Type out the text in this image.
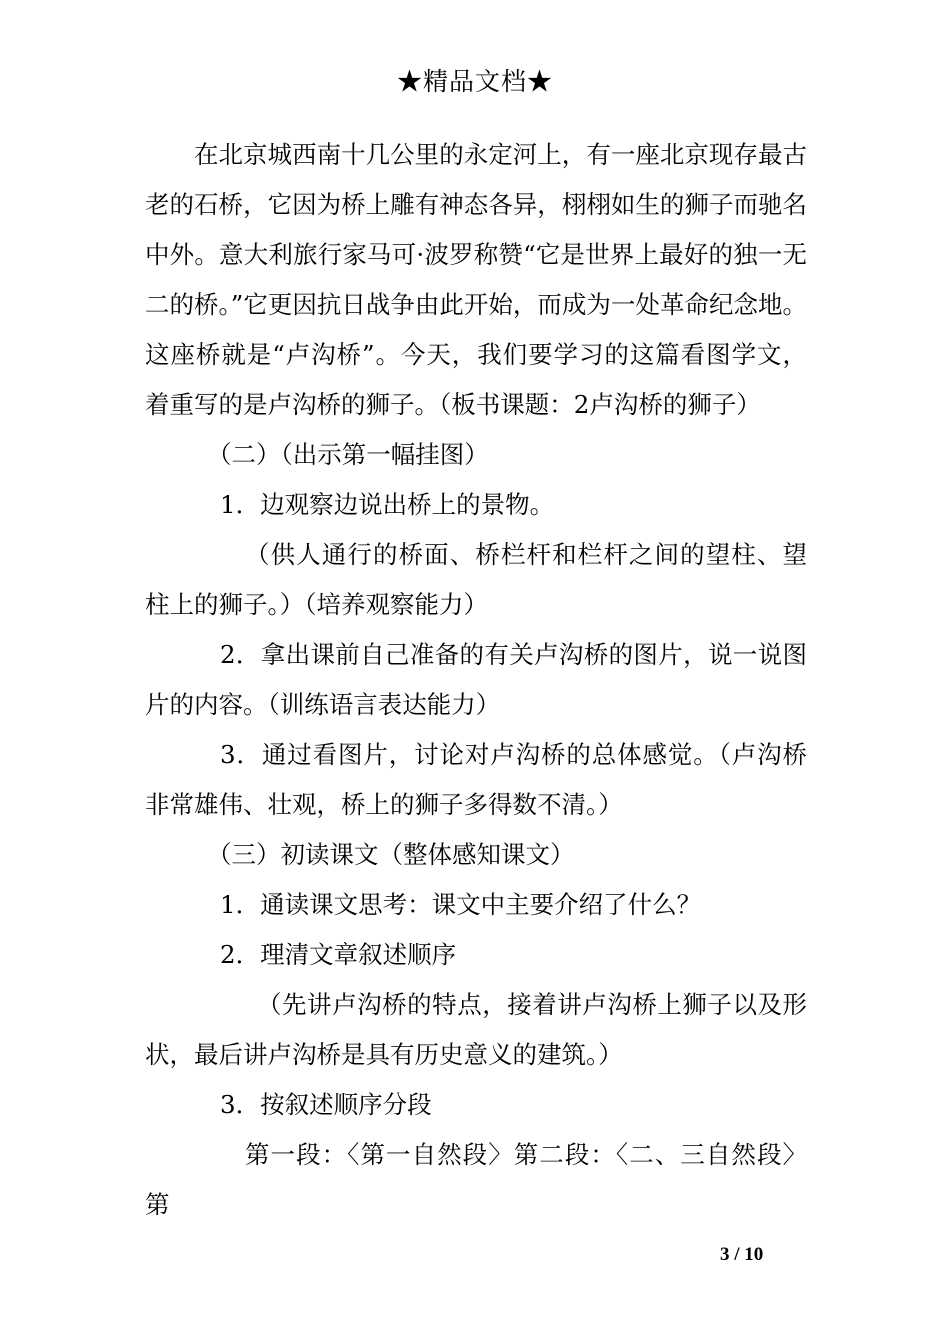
★精品文档★

在北京城西南十几公里的永定河上，有一座北京现存最古老的石桥，它因为桥上雕有神态各异，栩栩如生的狮子而驰名中外。意大利旅行家马可·波罗称赞“它是世界上最好的独一无二的桥。”它更因抗日战争由此开始，而成为一处革命纪念地。这座桥就是“卢沟桥”。今天，我们要学习的这篇看图学文，着重写的是卢沟桥的狮子。（板书课题：2卢沟桥的狮子）

（二）（出示第一幅挂图）

1．边观察边说出桥上的景物。

（供人通行的桥面、桥栏杆和栏杆之间的望柱、望柱上的狮子。）（培养观察能力）

2．拿出课前自己准备的有关卢沟桥的图片，说一说图片的内容。（训练语言表达能力）

3．通过看图片，讨论对卢沟桥的总体感觉。（卢沟桥非常雄伟、壮观，桥上的狮子多得数不清。）

（三）初读课文（整体感知课文）

1．通读课文思考：课文中主要介绍了什么？

2．理清文章叙述顺序

（先讲卢沟桥的特点，接着讲卢沟桥上狮子以及形状，最后讲卢沟桥是具有历史意义的建筑。）

3．按叙述顺序分段

第一段：〈第一自然段〉第二段：〈二、三自然段〉第

3 / 10
